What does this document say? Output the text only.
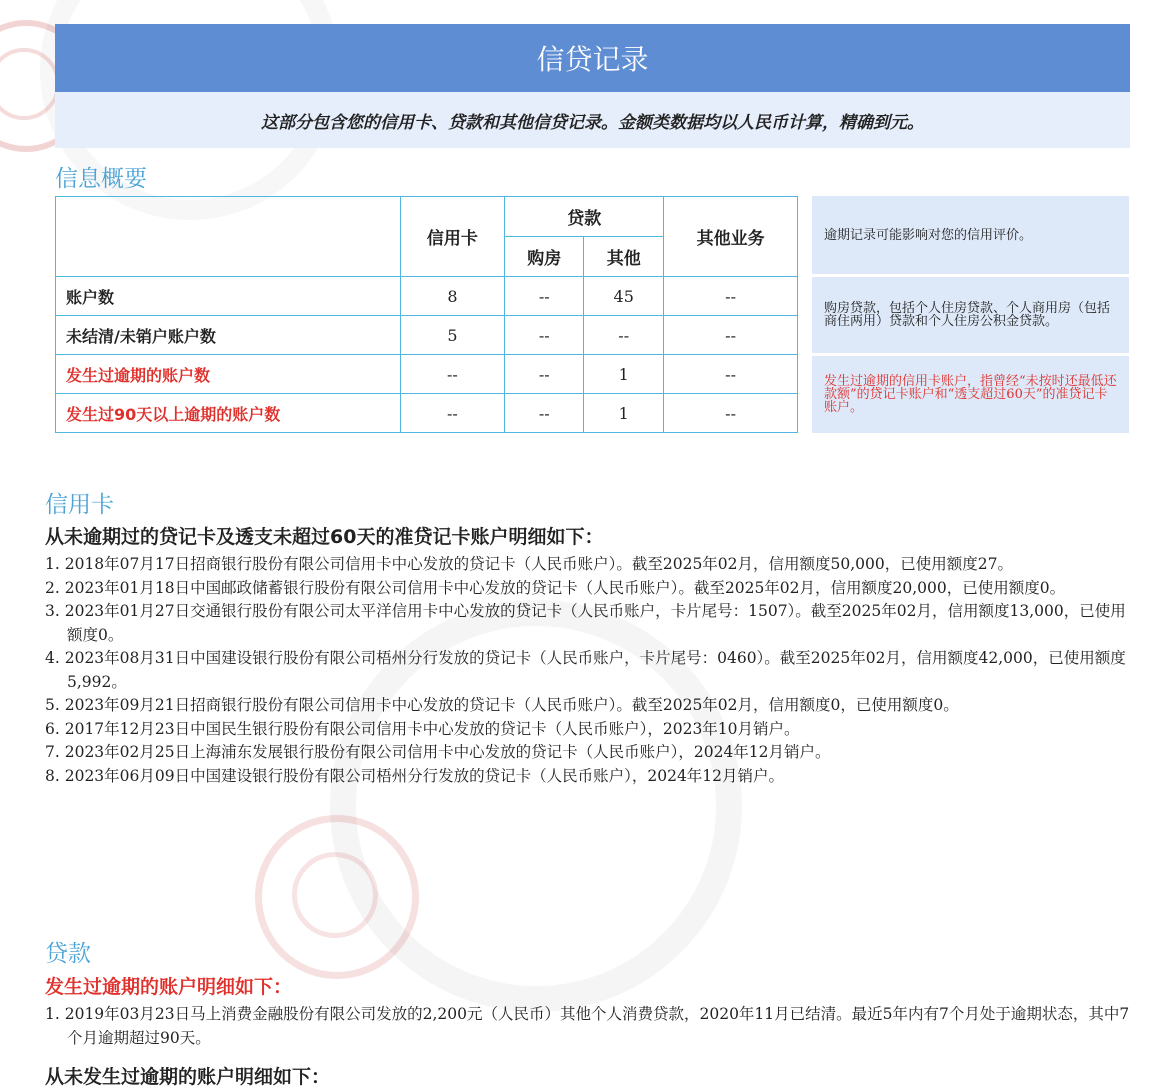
信贷记录
这部分包含您的信用卡、贷款和其他信贷记录。金额类数据均以人民币计算，精确到元。
信息概要
	信用卡	贷款		其他业务
		购房	其他	
账户数	8	--	45	--
未结清/未销户账户数	5	--	--	--
发生过逾期的账户数	--	--	1	--
发生过90天以上逾期的账户数	--	--	1	--
逾期记录可能影响对您的信用评价。
购房贷款，包括个人住房贷款、个人商用房（包括商住两用）贷款和个人住房公积金贷款。
发生过逾期的信用卡账户，指曾经“未按时还最低还款额”的贷记卡账户和“透支超过60天”的准贷记卡账户。
信用卡
从未逾期过的贷记卡及透支未超过60天的准贷记卡账户明细如下：
1. 2018年07月17日招商银行股份有限公司信用卡中心发放的贷记卡（人民币账户）。截至2025年02月，信用额度50,000，已使用额度27。
2. 2023年01月18日中国邮政储蓄银行股份有限公司信用卡中心发放的贷记卡（人民币账户）。截至2025年02月，信用额度20,000，已使用额度0。
3. 2023年01月27日交通银行股份有限公司太平洋信用卡中心发放的贷记卡（人民币账户，卡片尾号：1507）。截至2025年02月，信用额度13,000，已使用额度0。
4. 2023年08月31日中国建设银行股份有限公司梧州分行发放的贷记卡（人民币账户，卡片尾号：0460）。截至2025年02月，信用额度42,000，已使用额度5,992。
5. 2023年09月21日招商银行股份有限公司信用卡中心发放的贷记卡（人民币账户）。截至2025年02月，信用额度0，已使用额度0。
6. 2017年12月23日中国民生银行股份有限公司信用卡中心发放的贷记卡（人民币账户），2023年10月销户。
7. 2023年02月25日上海浦东发展银行股份有限公司信用卡中心发放的贷记卡（人民币账户），2024年12月销户。
8. 2023年06月09日中国建设银行股份有限公司梧州分行发放的贷记卡（人民币账户），2024年12月销户。
贷款
发生过逾期的账户明细如下：
1. 2019年03月23日马上消费金融股份有限公司发放的2,200元（人民币）其他个人消费贷款，2020年11月已结清。最近5年内有7个月处于逾期状态，其中7个月逾期超过90天。
从未发生过逾期的账户明细如下：
